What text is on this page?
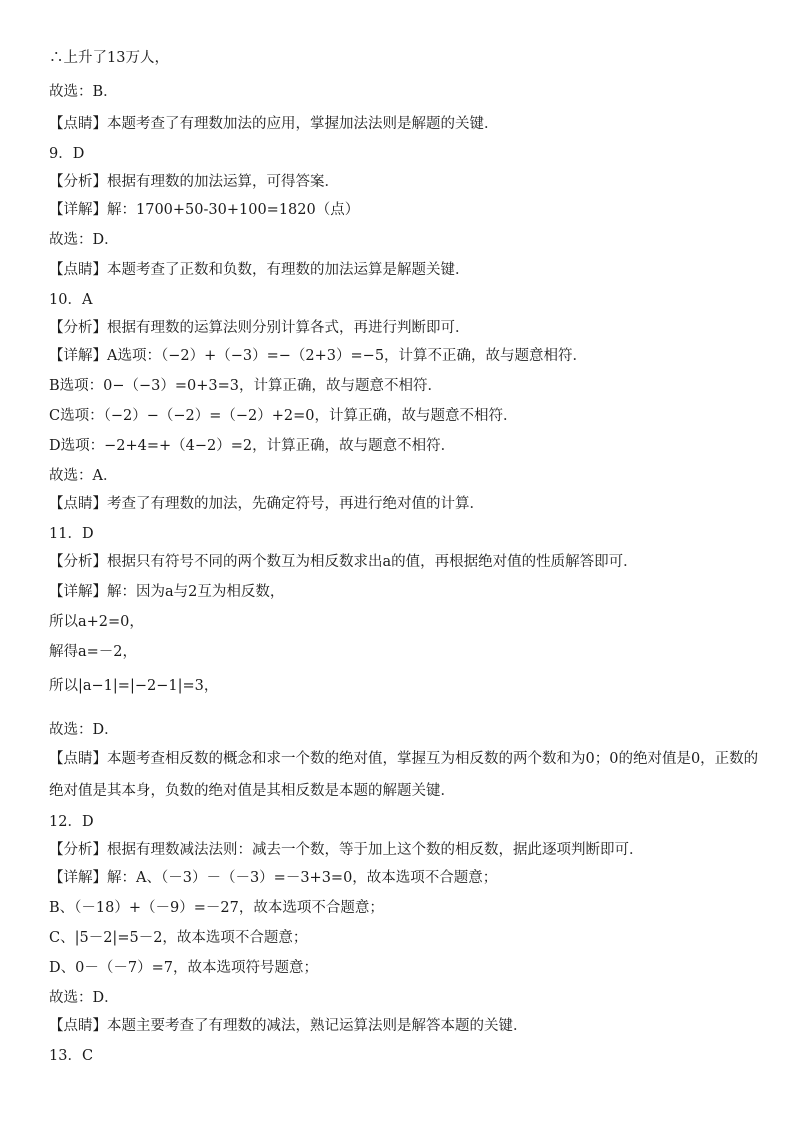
∴上升了13万人，
故选：B．
【点睛】本题考查了有理数加法的应用，掌握加法法则是解题的关键．
9．D
【分析】根据有理数的加法运算，可得答案．
【详解】解：1700+50-30+100=1820（点）
故选：D．
【点睛】本题考查了正数和负数，有理数的加法运算是解题关键．
10．A
【分析】根据有理数的运算法则分别计算各式，再进行判断即可．
【详解】A选项：（−2）+（−3）=−（2+3）=−5，计算不正确，故与题意相符．
B选项：0−（−3）=0+3=3，计算正确，故与题意不相符．
C选项：（−2）−（−2）=（−2）+2=0，计算正确，故与题意不相符．
D选项：−2+4=+（4−2）=2，计算正确，故与题意不相符．
故选：A．
【点睛】考查了有理数的加法，先确定符号，再进行绝对值的计算．
11．D
【分析】根据只有符号不同的两个数互为相反数求出a的值，再根据绝对值的性质解答即可．
【详解】解：因为a与2互为相反数，
所以a+2=0，
解得a=－2，
所以|a−1|=|−2−1|=3，
故选：D．
【点睛】本题考查相反数的概念和求一个数的绝对值，掌握互为相反数的两个数和为0；0的绝对值是0，正数的绝对值是其本身，负数的绝对值是其相反数是本题的解题关键．
12．D
【分析】根据有理数减法法则：减去一个数，等于加上这个数的相反数，据此逐项判断即可．
【详解】解：A、（－3）－（－3）=－3+3=0，故本选项不合题意；
B、（－18）+（－9）=－27，故本选项不合题意；
C、|5－2|=5－2，故本选项不合题意；
D、0－（－7）=7，故本选项符号题意；
故选：D．
【点睛】本题主要考查了有理数的减法，熟记运算法则是解答本题的关键．
13．C
